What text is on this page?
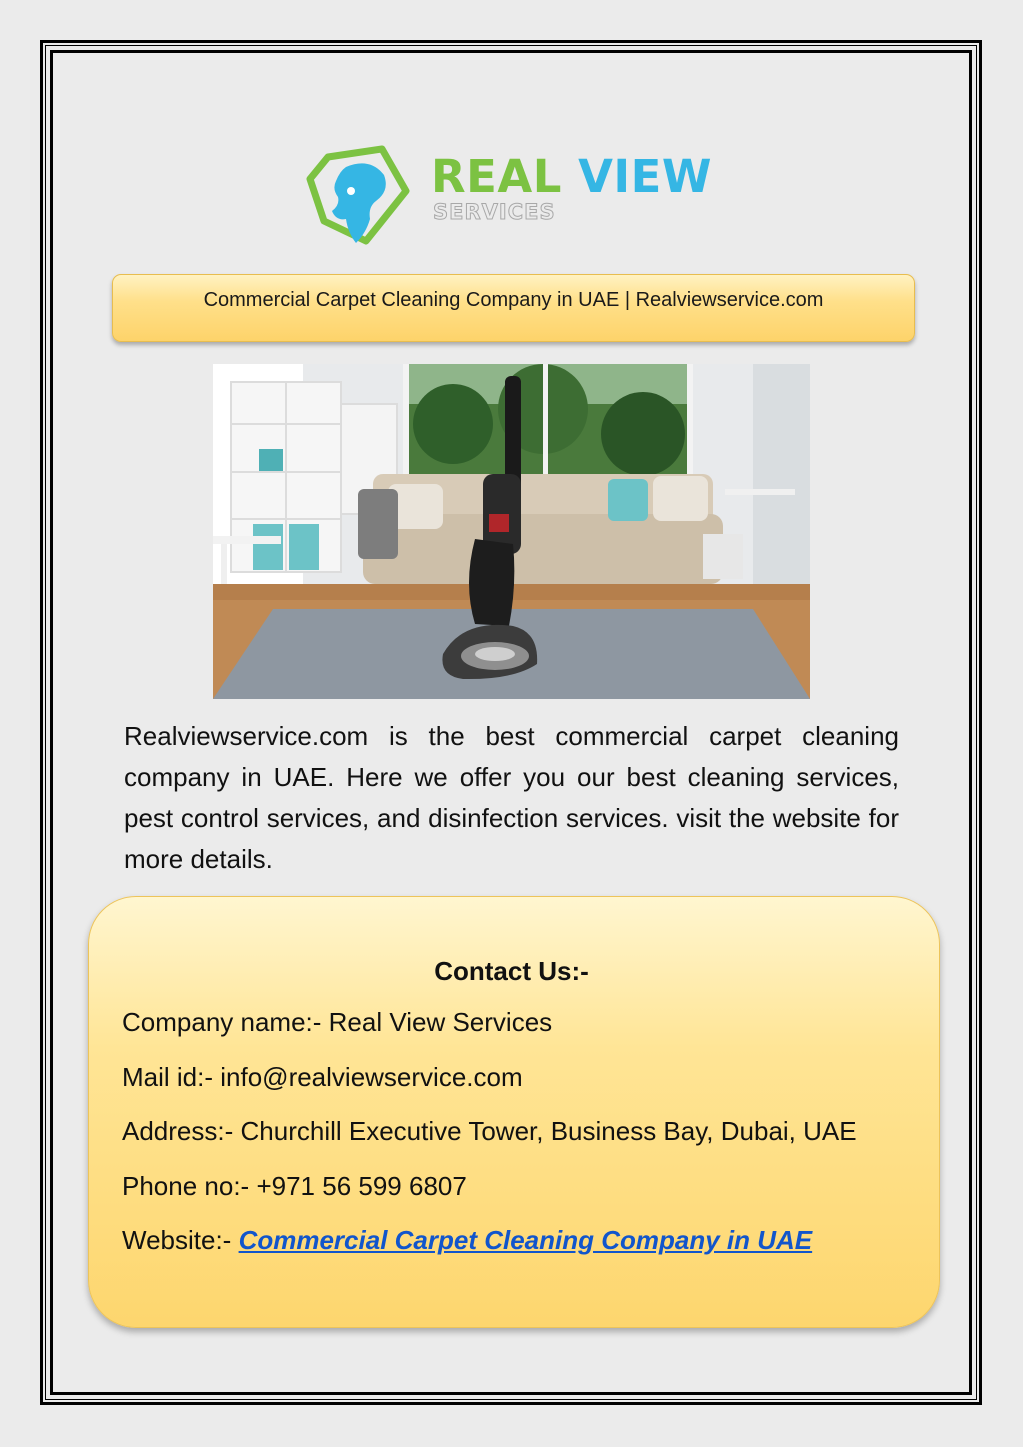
REAL VIEW
SERVICES
Commercial Carpet Cleaning Company in UAE | Realviewservice.com
Realviewservice.com is the best commercial carpet cleaning company in UAE. Here we offer you our best cleaning services, pest control services, and disinfection services. visit the website for more details.
Contact Us:-
Company name:- Real View Services
Mail id:- info@realviewservice.com
Address:- Churchill Executive Tower, Business Bay, Dubai, UAE
Phone no:- +971 56 599 6807
Website:- Commercial Carpet Cleaning Company in UAE
